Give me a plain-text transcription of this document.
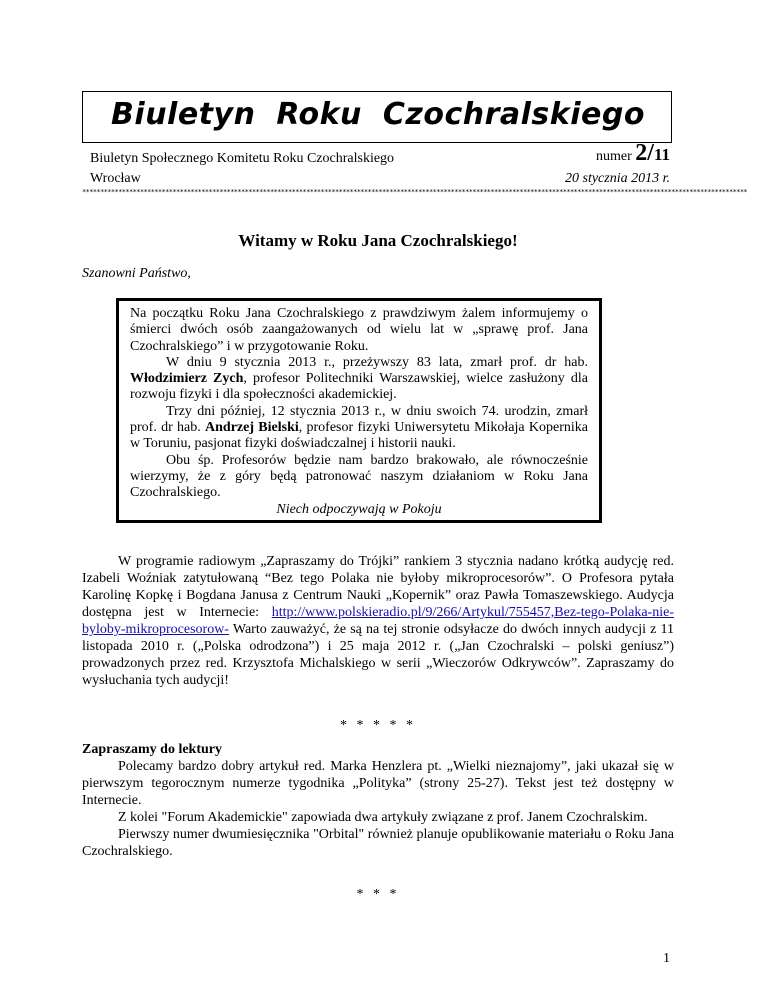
Biuletyn Roku Czochralskiego
Biuletyn Społecznego Komitetu Roku Czochralskiego
Wrocław
numer 2/11
20 stycznia 2013 r.
****************************************************************************************************************************************************************************************
Witamy w Roku Jana Czochralskiego!
Szanowni Państwo,

Na początku Roku Jana Czochralskiego z prawdziwym żalem informujemy o śmierci dwóch osób zaangażowanych od wielu lat w „sprawę prof. Jana Czochralskiego” i w przygotowanie Roku.

W dniu 9 stycznia 2013 r., przeżywszy 83 lata, zmarł prof. dr hab. Włodzimierz Zych, profesor Politechniki Warszawskiej, wielce zasłużony dla rozwoju fizyki i dla społeczności akademickiej.

Trzy dni później, 12 stycznia 2013 r., w dniu swoich 74. urodzin, zmarł prof. dr hab. Andrzej Bielski, profesor fizyki Uniwersytetu Mikołaja Kopernika w Toruniu, pasjonat fizyki doświadczalnej i historii nauki.

Obu śp. Profesorów będzie nam bardzo brakowało, ale równocześnie wierzymy, że z góry będą patronować naszym działaniom w Roku Jana Czochralskiego.

Niech odpoczywają w Pokoju

W programie radiowym „Zapraszamy do Trójki” rankiem 3 stycznia nadano krótką audycję red. Izabeli Woźniak zatytułowaną “Bez tego Polaka nie byłoby mikroprocesorów”. O Profesora pytała Karolinę Kopkę i Bogdana Janusa z Centrum Nauki „Kopernik” oraz Pawła Tomaszewskiego. Audycja dostępna jest w Internecie: http://www.polskieradio.pl/9/266/Artykul/755457,Bez-tego-Polaka-nie-byloby-mikroprocesorow- Warto zauważyć, że są na tej stronie odsyłacze do dwóch innych audycji z 11 listopada 2010 r. („Polska odrodzona”) i 25 maja 2012 r. („Jan Czochralski – polski geniusz”) prowadzonych przez red. Krzysztofa Michalskiego w serii „Wieczorów Odkrywców”. Zapraszamy do wysłuchania tych audycji!

* * * * *

Zapraszamy do lektury

Polecamy bardzo dobry artykuł red. Marka Henzlera pt. „Wielki nieznajomy”, jaki ukazał się w pierwszym tegorocznym numerze tygodnika „Polityka” (strony 25-27). Tekst jest też dostępny w Internecie.

Z kolei "Forum Akademickie" zapowiada dwa artykuły związane z prof. Janem Czochralskim.

Pierwszy numer dwumiesięcznika "Orbital" również planuje opublikowanie materiału o Roku Jana Czochralskiego.

* * *
1
